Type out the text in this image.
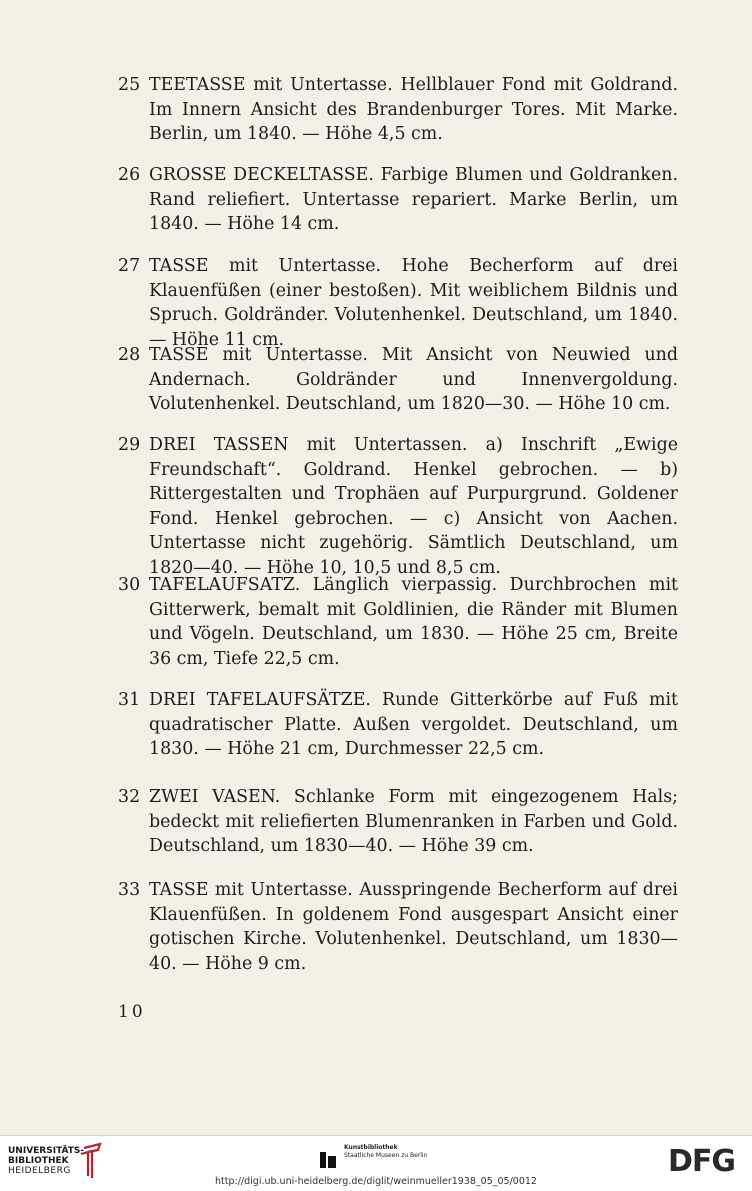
25 TEETASSE mit Untertasse. Hellblauer Fond mit Goldrand. Im Innern Ansicht des Brandenburger Tores. Mit Marke. Berlin, um 1840. — Höhe 4,5 cm.
26 GROSSE DECKELTASSE. Farbige Blumen und Goldranken. Rand reliefiert. Untertasse repariert. Marke Berlin, um 1840. — Höhe 14 cm.
27 TASSE mit Untertasse. Hohe Becherform auf drei Klauenfüßen (einer bestoßen). Mit weiblichem Bildnis und Spruch. Goldränder. Volutenhenkel. Deutschland, um 1840. — Höhe 11 cm.
28 TASSE mit Untertasse. Mit Ansicht von Neuwied und Andernach. Goldränder und Innenvergoldung. Volutenhenkel. Deutschland, um 1820—30. — Höhe 10 cm.
29 DREI TASSEN mit Untertassen. a) Inschrift „Ewige Freundschaft“. Goldrand. Henkel gebrochen. — b) Rittergestalten und Trophäen auf Purpurgrund. Goldener Fond. Henkel gebrochen. — c) Ansicht von Aachen. Untertasse nicht zugehörig. Sämtlich Deutschland, um 1820—40. — Höhe 10, 10,5 und 8,5 cm.
30 TAFELAUFSATZ. Länglich vierpassig. Durchbrochen mit Gitterwerk, bemalt mit Goldlinien, die Ränder mit Blumen und Vögeln. Deutschland, um 1830. — Höhe 25 cm, Breite 36 cm, Tiefe 22,5 cm.
31 DREI TAFELAUFSÄTZE. Runde Gitterkörbe auf Fuß mit quadratischer Platte. Außen vergoldet. Deutschland, um 1830. — Höhe 21 cm, Durchmesser 22,5 cm.
32 ZWEI VASEN. Schlanke Form mit eingezogenem Hals; bedeckt mit reliefierten Blumenranken in Farben und Gold. Deutschland, um 1830—40. — Höhe 39 cm.
33 TASSE mit Untertasse. Ausspringende Becherform auf drei Klauenfüßen. In goldenem Fond ausgespart Ansicht einer gotischen Kirche. Volutenhenkel. Deutschland, um 1830—40. — Höhe 9 cm.
10
UNIVERSITÄTS-
BIBLIOTHEK
HEIDELBERG
Kunstbibliothek
Staatliche Museen zu Berlin	DFG
http://digi.ub.uni-heidelberg.de/diglit/weinmueller1938_05_05/0012
